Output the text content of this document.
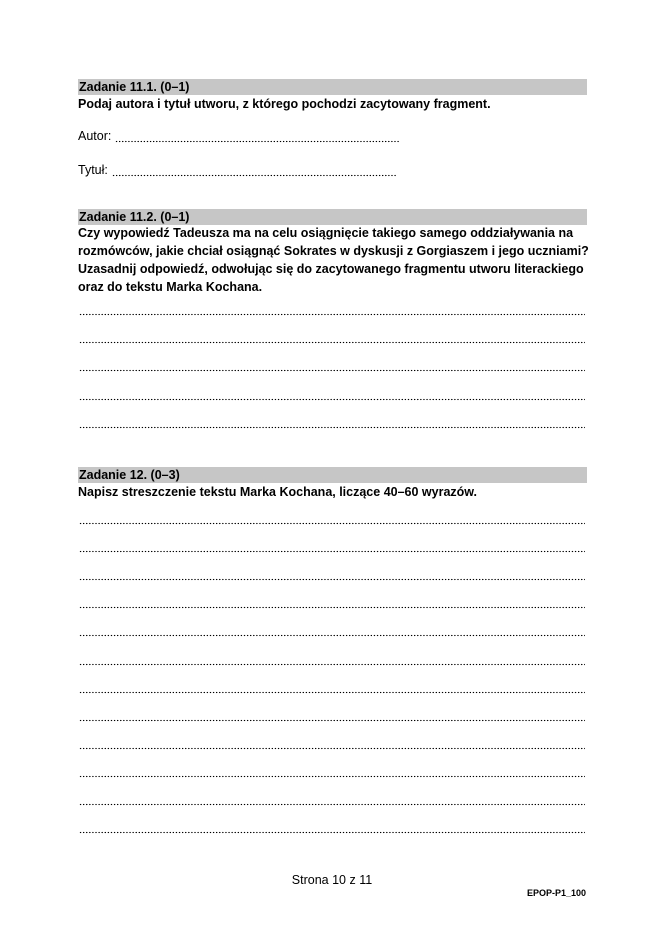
Zadanie 11.1. (0–1)
Podaj autora i tytuł utworu, z którego pochodzi zacytowany fragment.
Autor:
Tytuł:
Zadanie 11.2. (0–1)
Czy wypowiedź Tadeusza ma na celu osiągnięcie takiego samego oddziaływania na rozmówców, jakie chciał osiągnąć Sokrates w dyskusji z Gorgiaszem i jego uczniami? Uzasadnij odpowiedź, odwołując się do zacytowanego fragmentu utworu literackiego oraz do tekstu Marka Kochana.
Zadanie 12. (0–3)
Napisz streszczenie tekstu Marka Kochana, liczące 40–60 wyrazów.
Strona 10 z 11
EPOP-P1_100
